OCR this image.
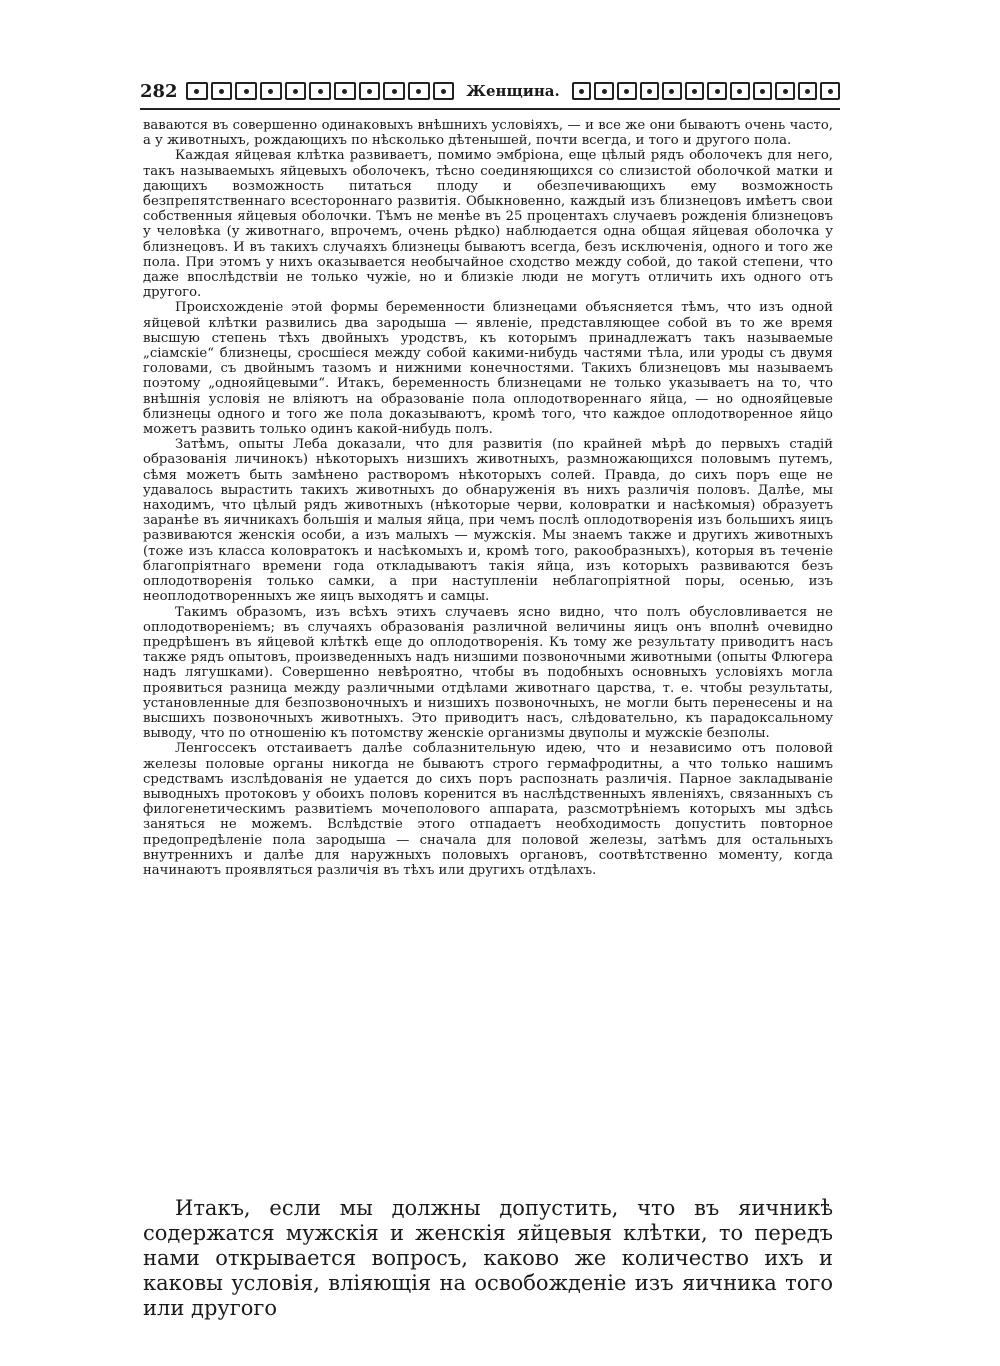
282	Женщина.

ваваются въ совершенно одинаковыхъ внѣшнихъ условіяхъ, — и все же они бываютъ очень часто, а у животныхъ, рождающихъ по нѣсколько дѣтенышей, почти всегда, и того и другого пола.

Каждая яйцевая клѣтка развиваетъ, помимо эмбріона, еще цѣлый рядъ оболочекъ для него, такъ называемыхъ яйцевыхъ оболочекъ, тѣсно соединяющихся со слизистой оболочкой матки и дающихъ возможность питаться плоду и обезпечивающихъ ему возможность безпрепятственнаго всестороннаго развитія. Обыкновенно, каждый изъ близнецовъ имѣетъ свои собственныя яйцевыя оболочки. Тѣмъ не менѣе въ 25 процентахъ случаевъ рожденія близнецовъ у человѣка (у животнаго, впрочемъ, очень рѣдко) наблюдается одна общая яйцевая оболочка у близнецовъ. И въ такихъ случаяхъ близнецы бываютъ всегда, безъ исключенія, одного и того же пола. При этомъ у нихъ оказывается необычайное сходство между собой, до такой степени, что даже впослѣдствіи не только чужіе, но и близкіе люди не могутъ отличить ихъ одного отъ другого.

Происхожденіе этой формы беременности близнецами объясняется тѣмъ, что изъ одной яйцевой клѣтки развились два зародыша — явленіе, представляющее собой въ то же время высшую степень тѣхъ двойныхъ уродствъ, къ которымъ принадлежатъ такъ называемые „сіамскіе“ близнецы, сросшіеся между собой какими-нибудь частями тѣла, или уроды съ двумя головами, съ двойнымъ тазомъ и нижними конечностями. Такихъ близнецовъ мы называемъ поэтому „однояйцевыми“. Итакъ, беременность близнецами не только указываетъ на то, что внѣшнія условія не вліяютъ на образованіе пола оплодотвореннаго яйца, — но однояйцевые близнецы одного и того же пола доказываютъ, кромѣ того, что каждое оплодотворенное яйцо можетъ развить только одинъ какой-нибудь полъ.

Затѣмъ, опыты Леба доказали, что для развитія (по крайней мѣрѣ до первыхъ стадій образованія личинокъ) нѣкоторыхъ низшихъ животныхъ, размножающихся половымъ путемъ, сѣмя можетъ быть замѣнено растворомъ нѣкоторыхъ солей. Правда, до сихъ поръ еще не удавалось вырастить такихъ животныхъ до обнаруженія въ нихъ различія половъ. Далѣе, мы находимъ, что цѣлый рядъ животныхъ (нѣкоторые черви, коловратки и насѣкомыя) образуетъ заранѣе въ яичникахъ большія и малыя яйца, при чемъ послѣ оплодотворенія изъ большихъ яицъ развиваются женскія особи, а изъ малыхъ — мужскія. Мы знаемъ также и другихъ животныхъ (тоже изъ класса коловратокъ и насѣкомыхъ и, кромѣ того, ракообразныхъ), которыя въ теченіе благопріятнаго времени года откладываютъ такія яйца, изъ которыхъ развиваются безъ оплодотворенія только самки, а при наступленіи неблагопріятной поры, осенью, изъ неоплодотворенныхъ же яицъ выходятъ и самцы.

Такимъ образомъ, изъ всѣхъ этихъ случаевъ ясно видно, что полъ обусловливается не оплодотвореніемъ; въ случаяхъ образованія различной величины яицъ онъ вполнѣ очевидно предрѣшенъ въ яйцевой клѣткѣ еще до оплодотворенія. Къ тому же результату приводитъ насъ также рядъ опытовъ, произведенныхъ надъ низшими позвоночными животными (опыты Флюгера надъ лягушками). Совершенно невѣроятно, чтобы въ подобныхъ основныхъ условіяхъ могла проявиться разница между различными отдѣлами животнаго царства, т. е. чтобы результаты, установленные для безпозвоночныхъ и низшихъ позвоночныхъ, не могли быть перенесены и на высшихъ позвоночныхъ животныхъ. Это приводитъ насъ, слѣдовательно, къ парадоксальному выводу, что по отношенію къ потомству женскіе организмы двуполы и мужскіе безполы.

Ленгоссекъ отстаиваетъ далѣе соблазнительную идею, что и независимо отъ половой железы половые органы никогда не бываютъ строго гермафродитны, а что только нашимъ средствамъ изслѣдованія не удается до сихъ поръ распознать различія. Парное закладываніе выводныхъ протоковъ у обоихъ половъ коренится въ наслѣдственныхъ явленіяхъ, связанныхъ съ филогенетическимъ развитіемъ мочеполового аппарата, разсмотрѣніемъ которыхъ мы здѣсь заняться не можемъ. Вслѣдствіе этого отпадаетъ необходимость допустить повторное предопредѣленіе пола зародыша — сначала для половой железы, затѣмъ для остальныхъ внутреннихъ и далѣе для наружныхъ половыхъ органовъ, соотвѣтственно моменту, когда начинаютъ проявляться различія въ тѣхъ или другихъ отдѣлахъ.

Итакъ, если мы должны допустить, что въ яичникѣ содержатся мужскія и женскія яйцевыя клѣтки, то передъ нами открывается вопросъ, каково же количество ихъ и каковы условія, вліяющія на освобожденіе изъ яичника того или другого
